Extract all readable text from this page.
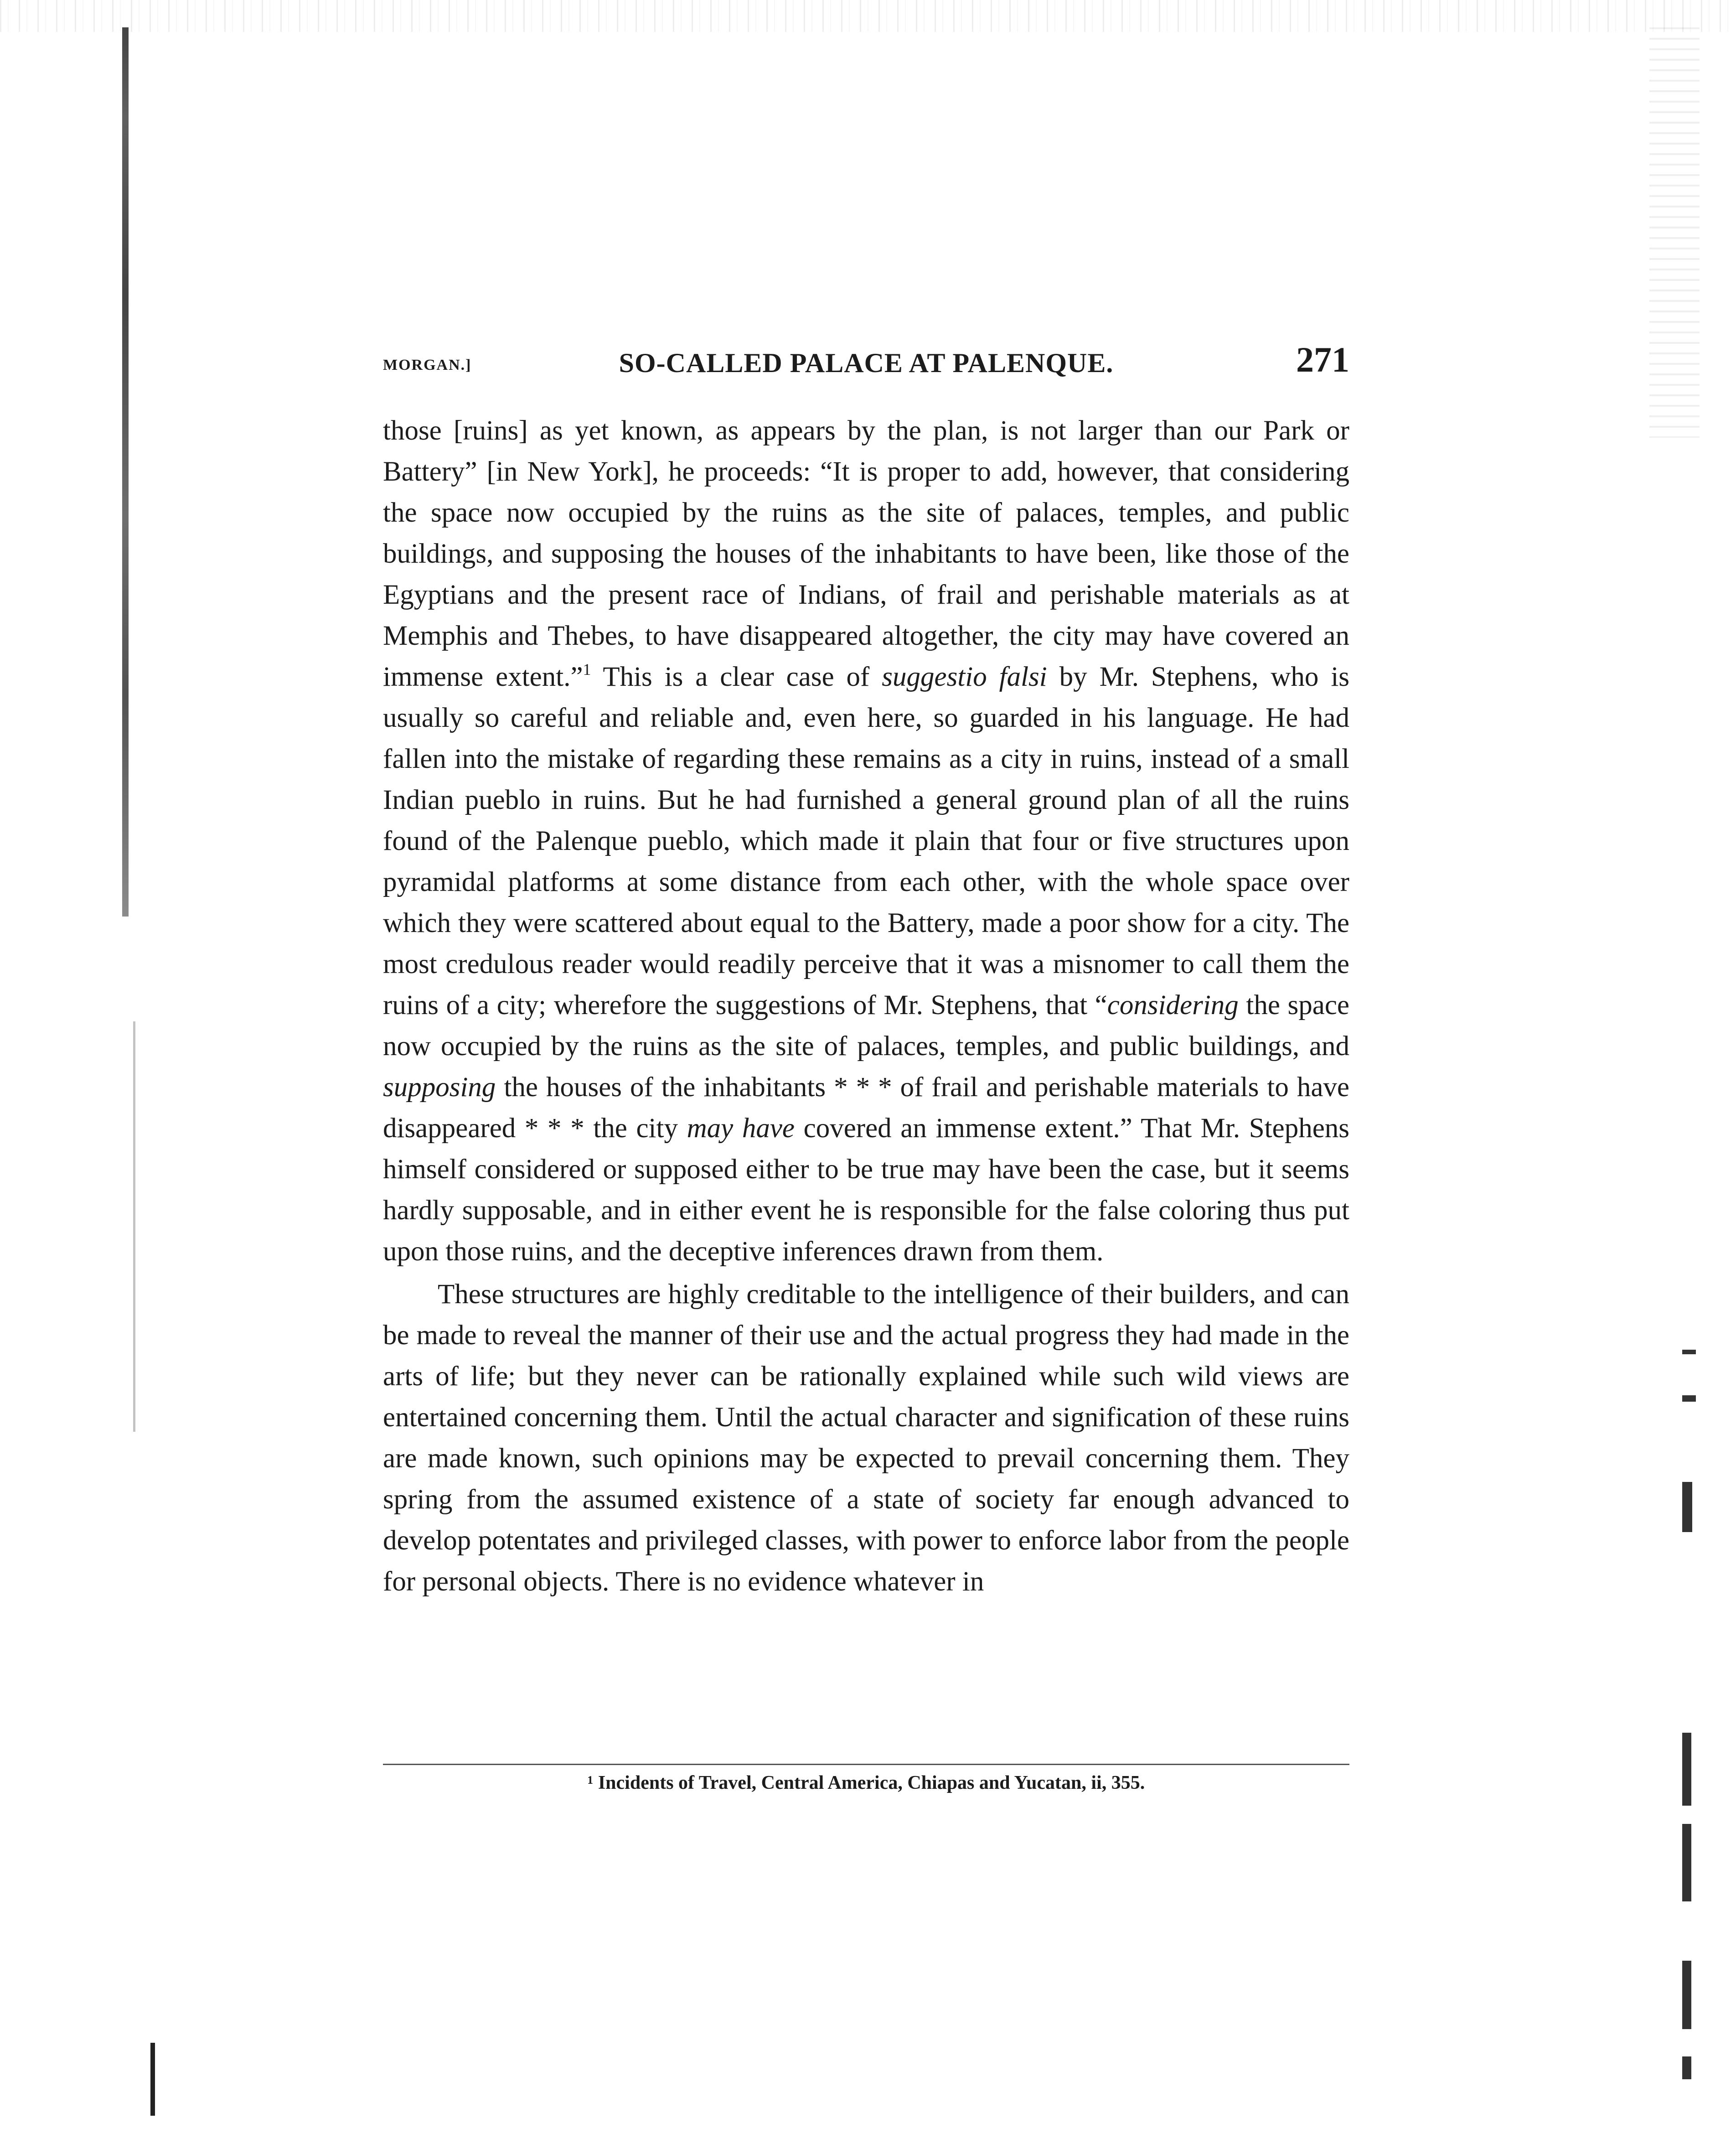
MORGAN.]	SO-CALLED PALACE AT PALENQUE.	271

those [ruins] as yet known, as appears by the plan, is not larger than our Park or Battery” [in New York], he proceeds: “It is proper to add, however, that considering the space now occupied by the ruins as the site of palaces, temples, and public buildings, and supposing the houses of the inhabitants to have been, like those of the Egyptians and the present race of Indians, of frail and perishable materials as at Memphis and Thebes, to have disappeared altogether, the city may have covered an immense extent.”$^1$ This is a clear case of suggestio falsi by Mr. Stephens, who is usually so careful and reliable and, even here, so guarded in his language. He had fallen into the mistake of regarding these remains as a city in ruins, instead of a small Indian pueblo in ruins. But he had furnished a general ground plan of all the ruins found of the Palenque pueblo, which made it plain that four or five structures upon pyramidal platforms at some distance from each other, with the whole space over which they were scattered about equal to the Battery, made a poor show for a city. The most credulous reader would readily perceive that it was a misnomer to call them the ruins of a city; wherefore the suggestions of Mr. Stephens, that “considering the space now occupied by the ruins as the site of palaces, temples, and public buildings, and supposing the houses of the inhabitants * * * of frail and perishable materials to have disappeared * * * the city may have covered an immense extent.” That Mr. Stephens himself considered or supposed either to be true may have been the case, but it seems hardly supposable, and in either event he is responsible for the false coloring thus put upon those ruins, and the deceptive inferences drawn from them.

These structures are highly creditable to the intelligence of their builders, and can be made to reveal the manner of their use and the actual progress they had made in the arts of life; but they never can be rationally explained while such wild views are entertained concerning them. Until the actual character and signification of these ruins are made known, such opinions may be expected to prevail concerning them. They spring from the assumed existence of a state of society far enough advanced to develop potentates and privileged classes, with power to enforce labor from the people for personal objects. There is no evidence whatever in

¹ Incidents of Travel, Central America, Chiapas and Yucatan, ii, 355.
